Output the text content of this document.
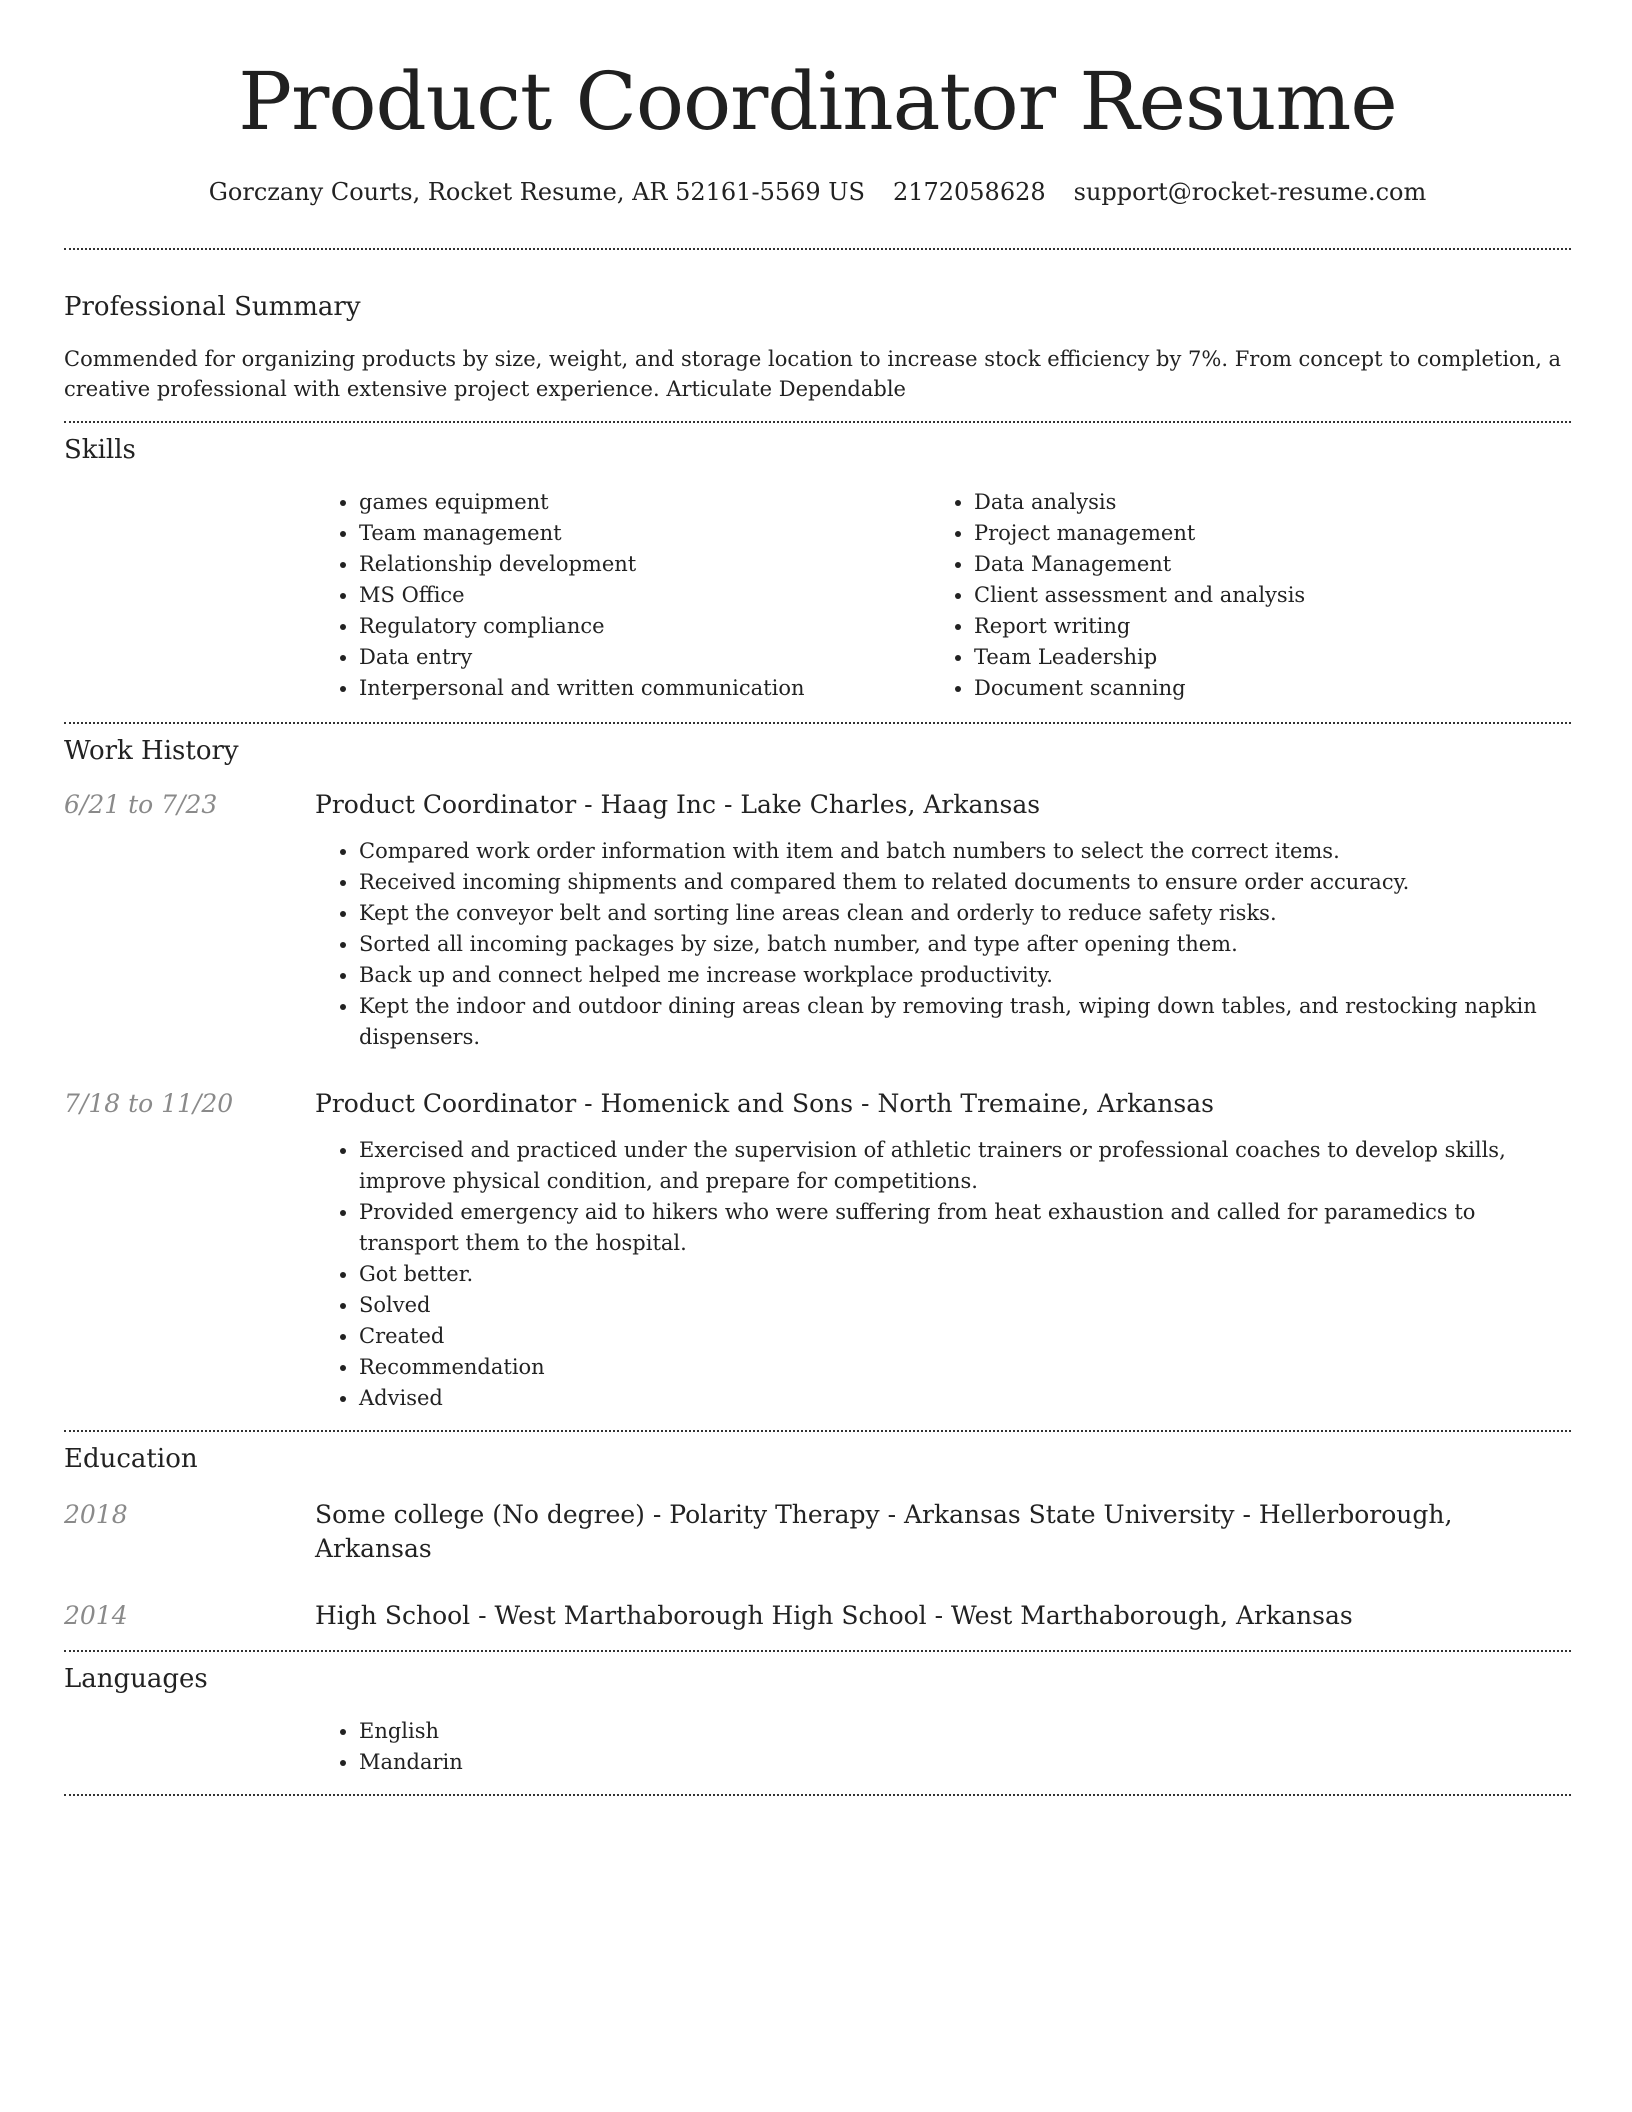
Product Coordinator Resume
Gorczany Courts, Rocket Resume, AR 52161-5569 US 2172058628 support@rocket-resume.com
Professional Summary

Commended for organizing products by size, weight, and storage location to increase stock efficiency by 7%. From concept to completion, a creative professional with extensive project experience. Articulate Dependable

Skills
• games equipment
• Team management
• Relationship development
• MS Office
• Regulatory compliance
• Data entry
• Interpersonal and written communication
• Data analysis
• Project management
• Data Management
• Client assessment and analysis
• Report writing
• Team Leadership
• Document scanning
Work History
6/21 to 7/23	Product Coordinator - Haag Inc - Lake Charles, Arkansas
• Compared work order information with item and batch numbers to select the correct items.
• Received incoming shipments and compared them to related documents to ensure order accuracy.
• Kept the conveyor belt and sorting line areas clean and orderly to reduce safety risks.
• Sorted all incoming packages by size, batch number, and type after opening them.
• Back up and connect helped me increase workplace productivity.
• Kept the indoor and outdoor dining areas clean by removing trash, wiping down tables, and restocking napkin dispensers.
7/18 to 11/20	Product Coordinator - Homenick and Sons - North Tremaine, Arkansas
• Exercised and practiced under the supervision of athletic trainers or professional coaches to develop skills, improve physical condition, and prepare for competitions.
• Provided emergency aid to hikers who were suffering from heat exhaustion and called for paramedics to transport them to the hospital.
• Got better.
• Solved
• Created
• Recommendation
• Advised
Education
2018	Some college (No degree) - Polarity Therapy - Arkansas State University - Hellerborough, Arkansas
2014	High School - West Marthaborough High School - West Marthaborough, Arkansas
Languages
• English
• Mandarin
